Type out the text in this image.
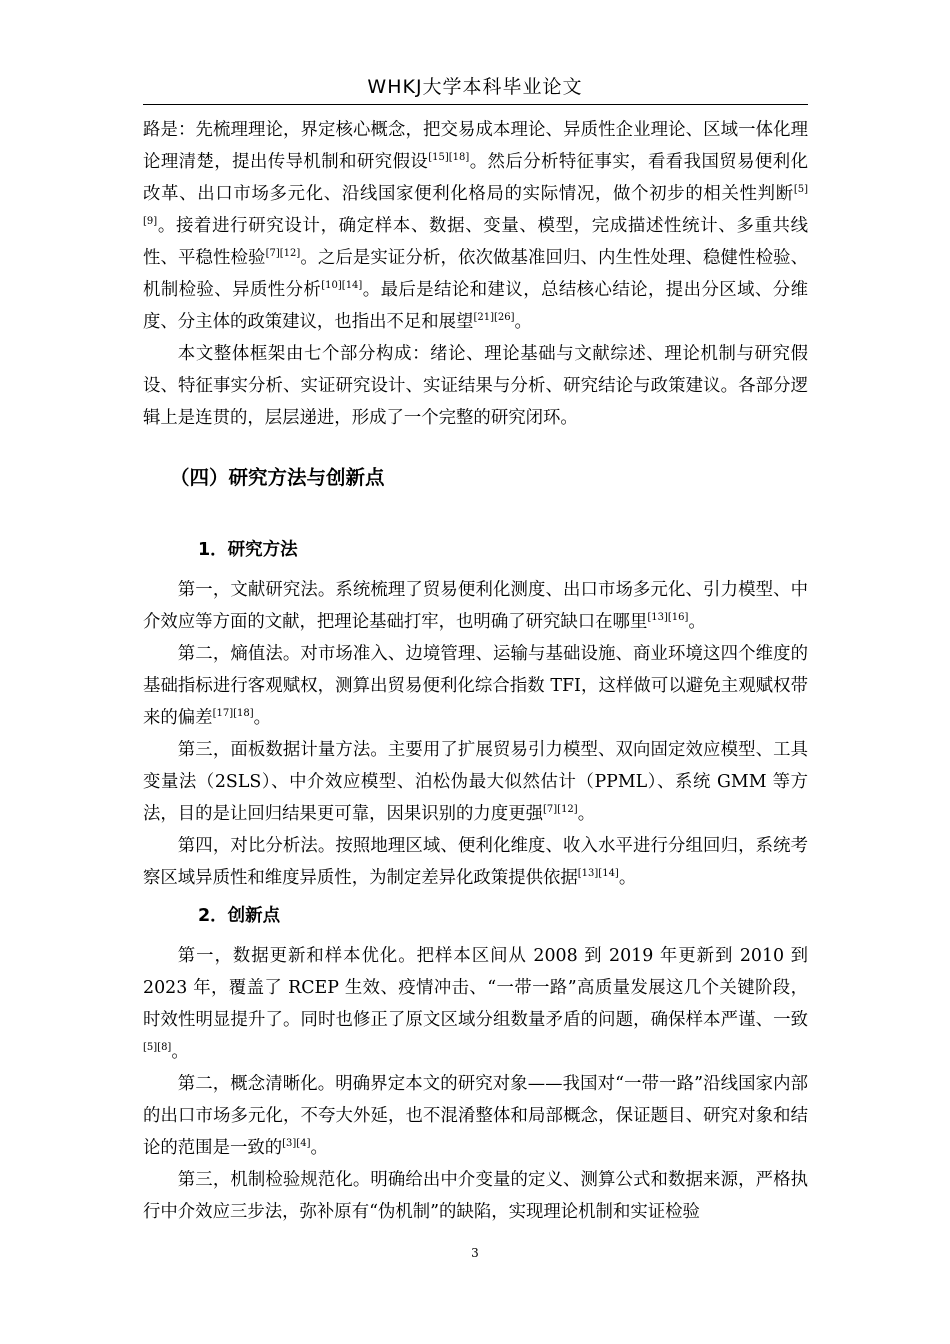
WHKJ大学本科毕业论文

路是：先梳理理论，界定核心概念，把交易成本理论、异质性企业理论、区域一体化理论理清楚，提出传导机制和研究假设[15][18]。然后分析特征事实，看看我国贸易便利化改革、出口市场多元化、沿线国家便利化格局的实际情况，做个初步的相关性判断[5][9]。接着进行研究设计，确定样本、数据、变量、模型，完成描述性统计、多重共线性、平稳性检验[7][12]。之后是实证分析，依次做基准回归、内生性处理、稳健性检验、机制检验、异质性分析[10][14]。最后是结论和建议，总结核心结论，提出分区域、分维度、分主体的政策建议，也指出不足和展望[21][26]。

本文整体框架由七个部分构成：绪论、理论基础与文献综述、理论机制与研究假设、特征事实分析、实证研究设计、实证结果与分析、研究结论与政策建议。各部分逻辑上是连贯的，层层递进，形成了一个完整的研究闭环。

（四）研究方法与创新点
1．研究方法

第一，文献研究法。系统梳理了贸易便利化测度、出口市场多元化、引力模型、中介效应等方面的文献，把理论基础打牢，也明确了研究缺口在哪里[13][16]。

第二，熵值法。对市场准入、边境管理、运输与基础设施、商业环境这四个维度的基础指标进行客观赋权，测算出贸易便利化综合指数 TFI，这样做可以避免主观赋权带来的偏差[17][18]。

第三，面板数据计量方法。主要用了扩展贸易引力模型、双向固定效应模型、工具变量法（2SLS）、中介效应模型、泊松伪最大似然估计（PPML）、系统 GMM 等方法，目的是让回归结果更可靠，因果识别的力度更强[7][12]。

第四，对比分析法。按照地理区域、便利化维度、收入水平进行分组回归，系统考察区域异质性和维度异质性，为制定差异化政策提供依据[13][14]。

2．创新点

第一，数据更新和样本优化。把样本区间从 2008 到 2019 年更新到 2010 到 2023 年，覆盖了 RCEP 生效、疫情冲击、“一带一路”高质量发展这几个关键阶段，时效性明显提升了。同时也修正了原文区域分组数量矛盾的问题，确保样本严谨、一致[5][8]。

第二，概念清晰化。明确界定本文的研究对象——我国对“一带一路”沿线国家内部的出口市场多元化，不夸大外延，也不混淆整体和局部概念，保证题目、研究对象和结论的范围是一致的[3][4]。

第三，机制检验规范化。明确给出中介变量的定义、测算公式和数据来源，严格执行中介效应三步法，弥补原有“伪机制”的缺陷，实现理论机制和实证检验

3
